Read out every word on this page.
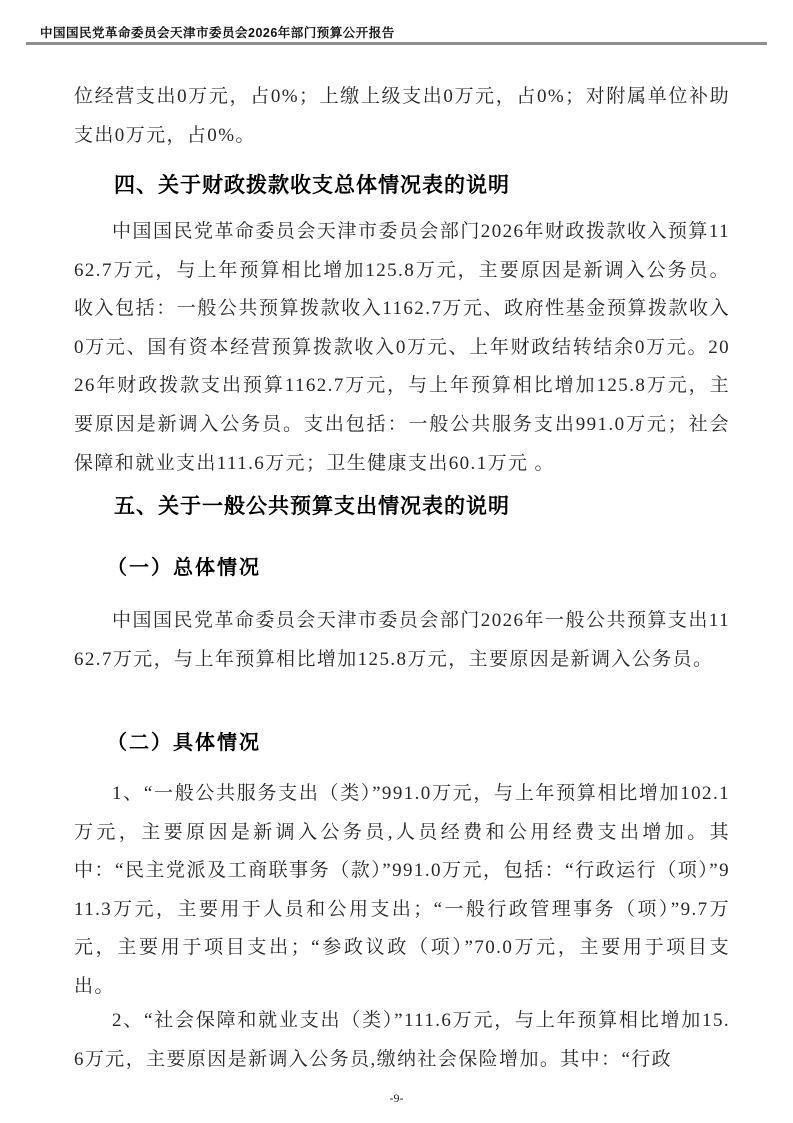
中国国民党革命委员会天津市委员会2026年部门预算公开报告
位经营支出0万元，占0%；上缴上级支出0万元，占0%；对附属单位补助支出0万元，占0%。
四、关于财政拨款收支总体情况表的说明
中国国民党革命委员会天津市委员会部门2026年财政拨款收入预算1162.7万元，与上年预算相比增加125.8万元，主要原因是新调入公务员。收入包括：一般公共预算拨款收入1162.7万元、政府性基金预算拨款收入0万元、国有资本经营预算拨款收入0万元、上年财政结转结余0万元。2026年财政拨款支出预算1162.7万元，与上年预算相比增加125.8万元，主要原因是新调入公务员。支出包括：一般公共服务支出991.0万元；社会保障和就业支出111.6万元；卫生健康支出60.1万元 。
五、关于一般公共预算支出情况表的说明
（一）总体情况
中国国民党革命委员会天津市委员会部门2026年一般公共预算支出1162.7万元，与上年预算相比增加125.8万元，主要原因是新调入公务员。
（二）具体情况
1、“一般公共服务支出（类）”991.0万元，与上年预算相比增加102.1万元，主要原因是新调入公务员,人员经费和公用经费支出增加。其中：“民主党派及工商联事务（款）”991.0万元，包括：“行政运行（项）”911.3万元，主要用于人员和公用支出；“一般行政管理事务（项）”9.7万元，主要用于项目支出；“参政议政（项）”70.0万元，主要用于项目支出。
2、“社会保障和就业支出（类）”111.6万元，与上年预算相比增加15.6万元，主要原因是新调入公务员,缴纳社会保险增加。其中：“行政
-9-
